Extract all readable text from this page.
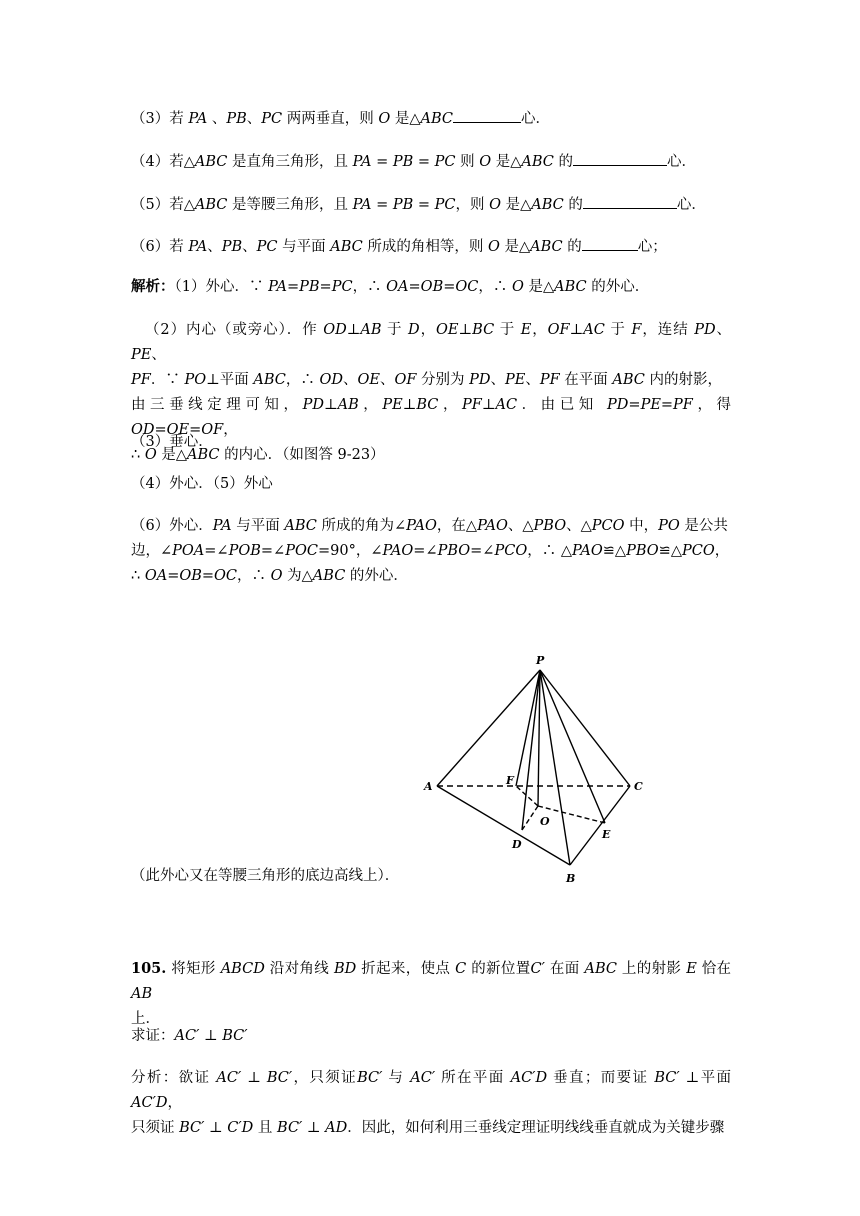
（3）若 PA 、PB、PC 两两垂直，则 O 是△ABC	心．
（4）若△ABC 是直角三角形，且 PA = PB = PC 则 O 是△ABC 的	心．
（5）若△ABC 是等腰三角形，且 PA = PB = PC，则 O 是△ABC 的	心．
（6）若 PA、PB、PC 与平面 ABC 所成的角相等，则 O 是△ABC 的	心；
解析：（1）外心．∵ PA=PB=PC，∴ OA=OB=OC，∴ O 是△ABC 的外心．
（2）内心（或旁心）．作 OD⊥AB 于 D，OE⊥BC 于 E，OF⊥AC 于 F，连结 PD、PE、
PF．∵ PO⊥平面 ABC，∴ OD、OE、OF 分别为 PD、PE、PF 在平面 ABC 内的射影，
由三垂线定理可知，PD⊥AB，PE⊥BC，PF⊥AC．由已知 PD=PE=PF，得 OD=OE=OF，
∴ O 是△ABC 的内心．（如图答 9-23）
（3）垂心．
（4）外心．（5）外心
（6）外心．PA 与平面 ABC 所成的角为∠PAO，在△PAO、△PBO、△PCO 中，PO 是公共
边，∠POA=∠POB=∠POC=90°，∠PAO=∠PBO=∠PCO，∴ △PAO≌△PBO≌△PCO，
∴ OA=OB=OC，∴ O 为△ABC 的外心．
P
A
B
C
D
E
F
O
（此外心又在等腰三角形的底边高线上）．
105. 将矩形 ABCD 沿对角线 BD 折起来，使点 C 的新位置C′ 在面 ABC 上的射影 E 恰在 AB
上．
求证：AC′ ⊥ BC′
分析：欲证 AC′ ⊥ BC′，只须证BC′ 与 AC′ 所在平面 AC′D 垂直；而要证 BC′ ⊥平面 AC′D，
只须证 BC′ ⊥ C′D 且 BC′ ⊥ AD．因此，如何利用三垂线定理证明线线垂直就成为关键步骤
